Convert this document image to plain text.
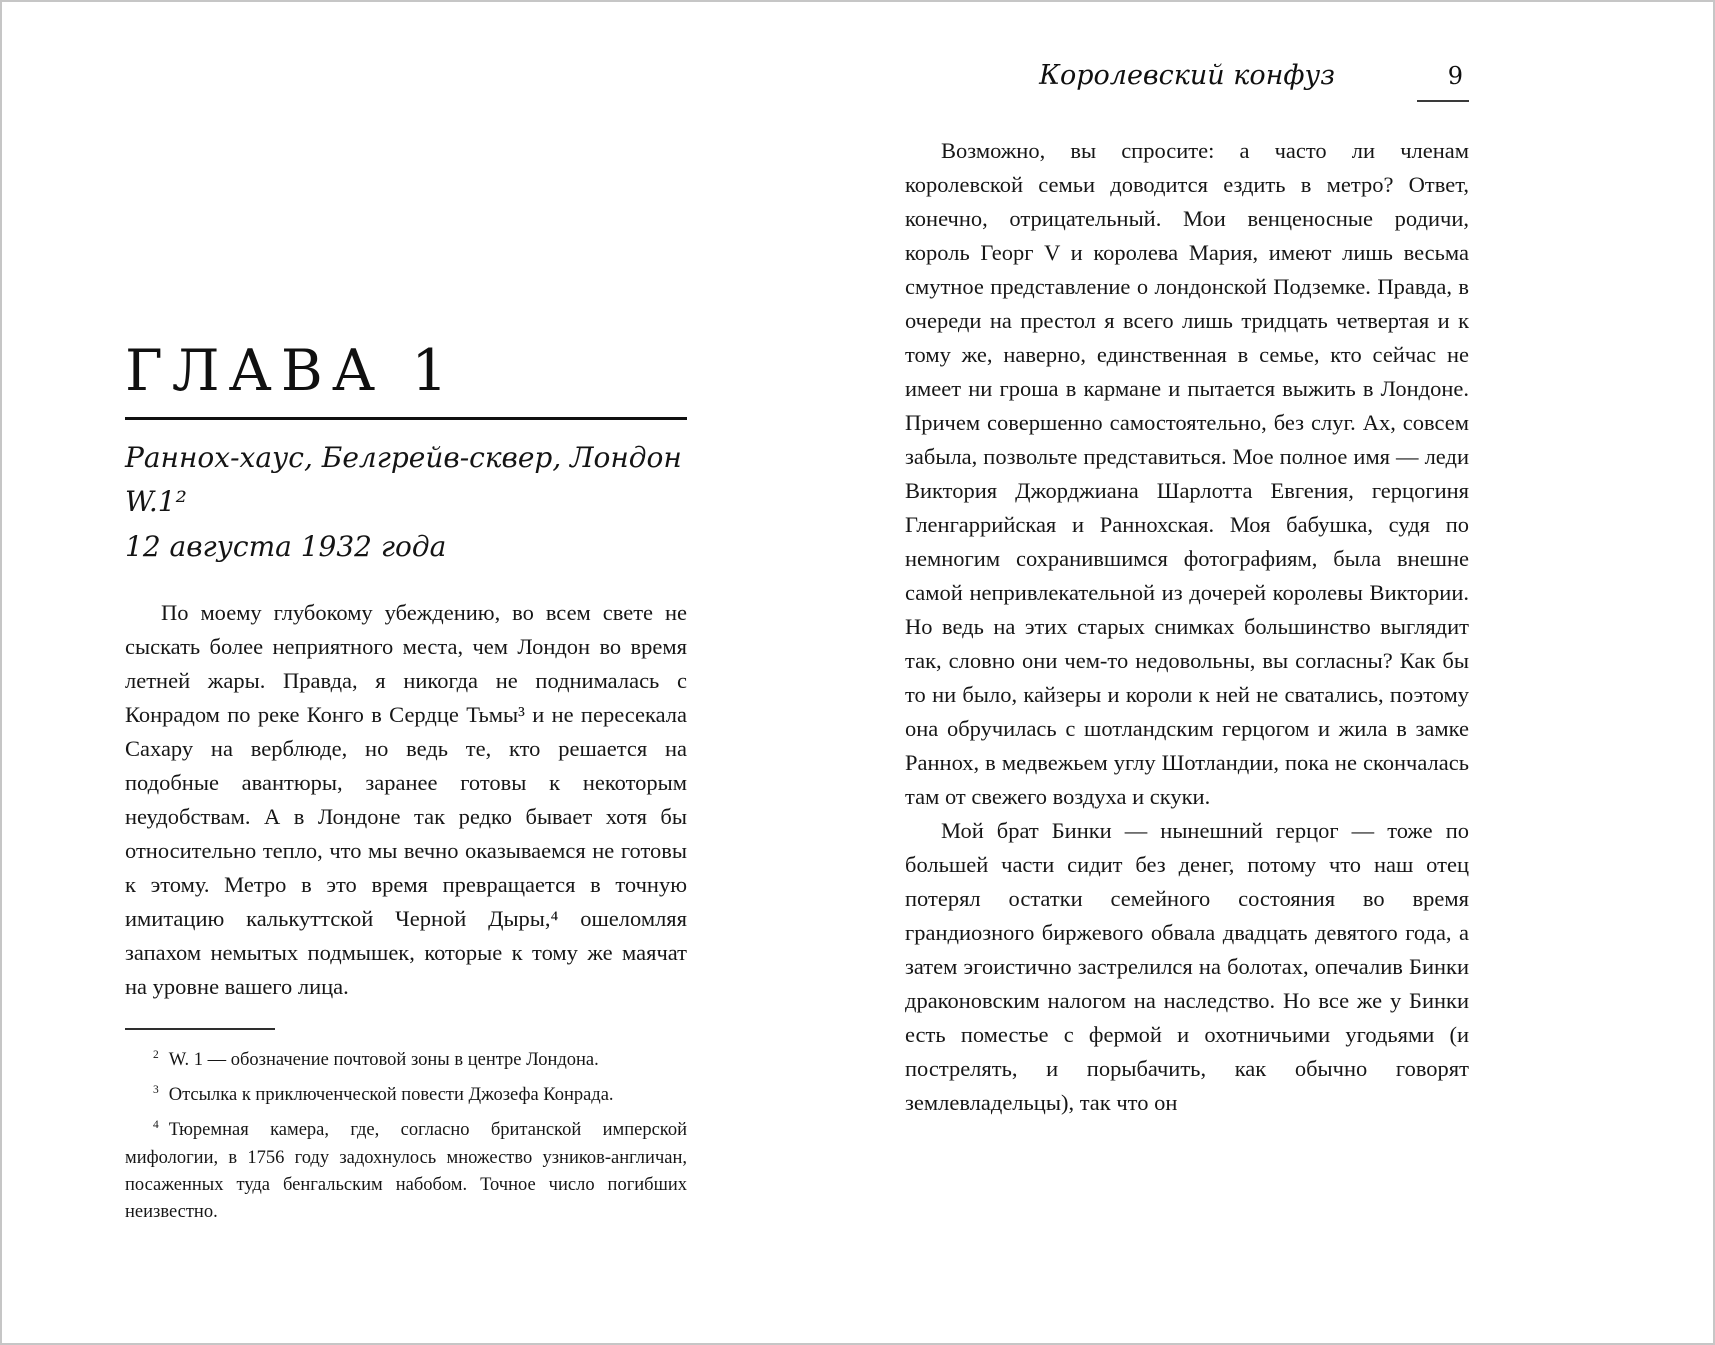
ГЛАВА 1
Раннох-хаус, Белгрейв-сквер, Лондон W.1²
12 августа 1932 года

По моему глубокому убеждению, во всем свете не сыскать более неприятного места, чем Лондон во время летней жары. Правда, я никогда не поднималась с Конрадом по реке Конго в Сердце Тьмы³ и не пересекала Сахару на верблюде, но ведь те, кто решается на подобные авантюры, заранее готовы к некоторым неудобствам. А в Лондоне так редко бывает хотя бы относительно тепло, что мы вечно оказываемся не готовы к этому. Метро в это время превращается в точную имитацию калькуттской Черной Дыры,⁴ ошеломляя запахом немытых подмышек, которые к тому же маячат на уровне вашего лица.

$^2$ W. 1 — обозначение почтовой зоны в центре Лондона.

$^3$ Отсылка к приключенческой повести Джозефа Конрада.

$^4$ Тюремная камера, где, согласно британской имперской мифологии, в 1756 году задохнулось множество узников-англичан, посаженных туда бенгальским набобом. Точное число погибших неизвестно.

Королевский конфуз	9

Возможно, вы спросите: а часто ли членам королевской семьи доводится ездить в метро? Ответ, конечно, отрицательный. Мои венценосные родичи, король Георг V и королева Мария, имеют лишь весьма смутное представление о лондонской Подземке. Правда, в очереди на престол я всего лишь тридцать четвертая и к тому же, наверно, единственная в семье, кто сейчас не имеет ни гроша в кармане и пытается выжить в Лондоне. Причем совершенно самостоятельно, без слуг. Ах, совсем забыла, позвольте представиться. Мое полное имя — леди Виктория Джорджиана Шарлотта Евгения, герцогиня Гленгаррийская и Раннохская. Моя бабушка, судя по немногим сохранившимся фотографиям, была внешне самой непривлекательной из дочерей королевы Виктории. Но ведь на этих старых снимках большинство выглядит так, словно они чем-то недовольны, вы согласны? Как бы то ни было, кайзеры и короли к ней не сватались, поэтому она обручилась с шотландским герцогом и жила в замке Раннох, в медвежьем углу Шотландии, пока не скончалась там от свежего воздуха и скуки.

Мой брат Бинки — нынешний герцог — тоже по большей части сидит без денег, потому что наш отец потерял остатки семейного состояния во время грандиозного биржевого обвала двадцать девятого года, а затем эгоистично застрелился на болотах, опечалив Бинки драконовским налогом на наследство. Но все же у Бинки есть поместье с фермой и охотничьими угодьями (и пострелять, и порыбачить, как обычно говорят землевладельцы), так что он
